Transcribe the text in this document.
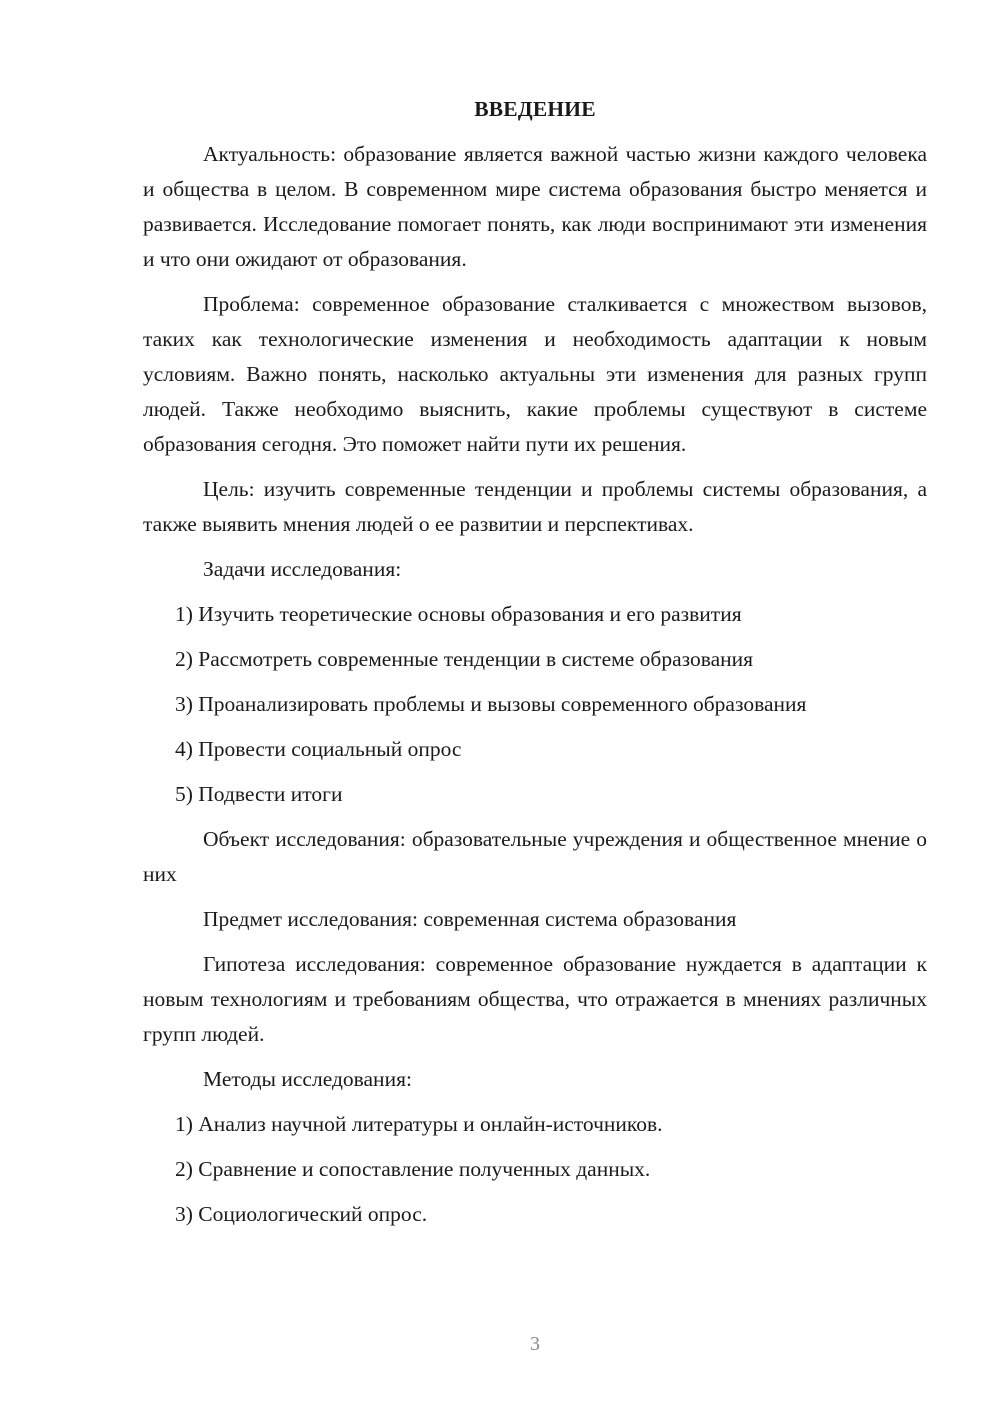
ВВЕДЕНИЕ

Актуальность: образование является важной частью жизни каждого человека и общества в целом. В современном мире система образования быстро меняется и развивается. Исследование помогает понять, как люди воспринимают эти изменения и что они ожидают от образования.

Проблема: современное образование сталкивается с множеством вызовов, таких как технологические изменения и необходимость адаптации к новым условиям. Важно понять, насколько актуальны эти изменения для разных групп людей. Также необходимо выяснить, какие проблемы существуют в системе образования сегодня. Это поможет найти пути их решения.

Цель: изучить современные тенденции и проблемы системы образования, а также выявить мнения людей о ее развитии и перспективах.

Задачи исследования:

1) Изучить теоретические основы образования и его развития

2) Рассмотреть современные тенденции в системе образования

3) Проанализировать проблемы и вызовы современного образования

4) Провести социальный опрос

5) Подвести итоги

Объект исследования: образовательные учреждения и общественное мнение о них

Предмет исследования: современная система образования

Гипотеза исследования: современное образование нуждается в адаптации к новым технологиям и требованиям общества, что отражается в мнениях различных групп людей.

Методы исследования:

1) Анализ научной литературы и онлайн-источников.

2) Сравнение и сопоставление полученных данных.

3) Социологический опрос.

3
